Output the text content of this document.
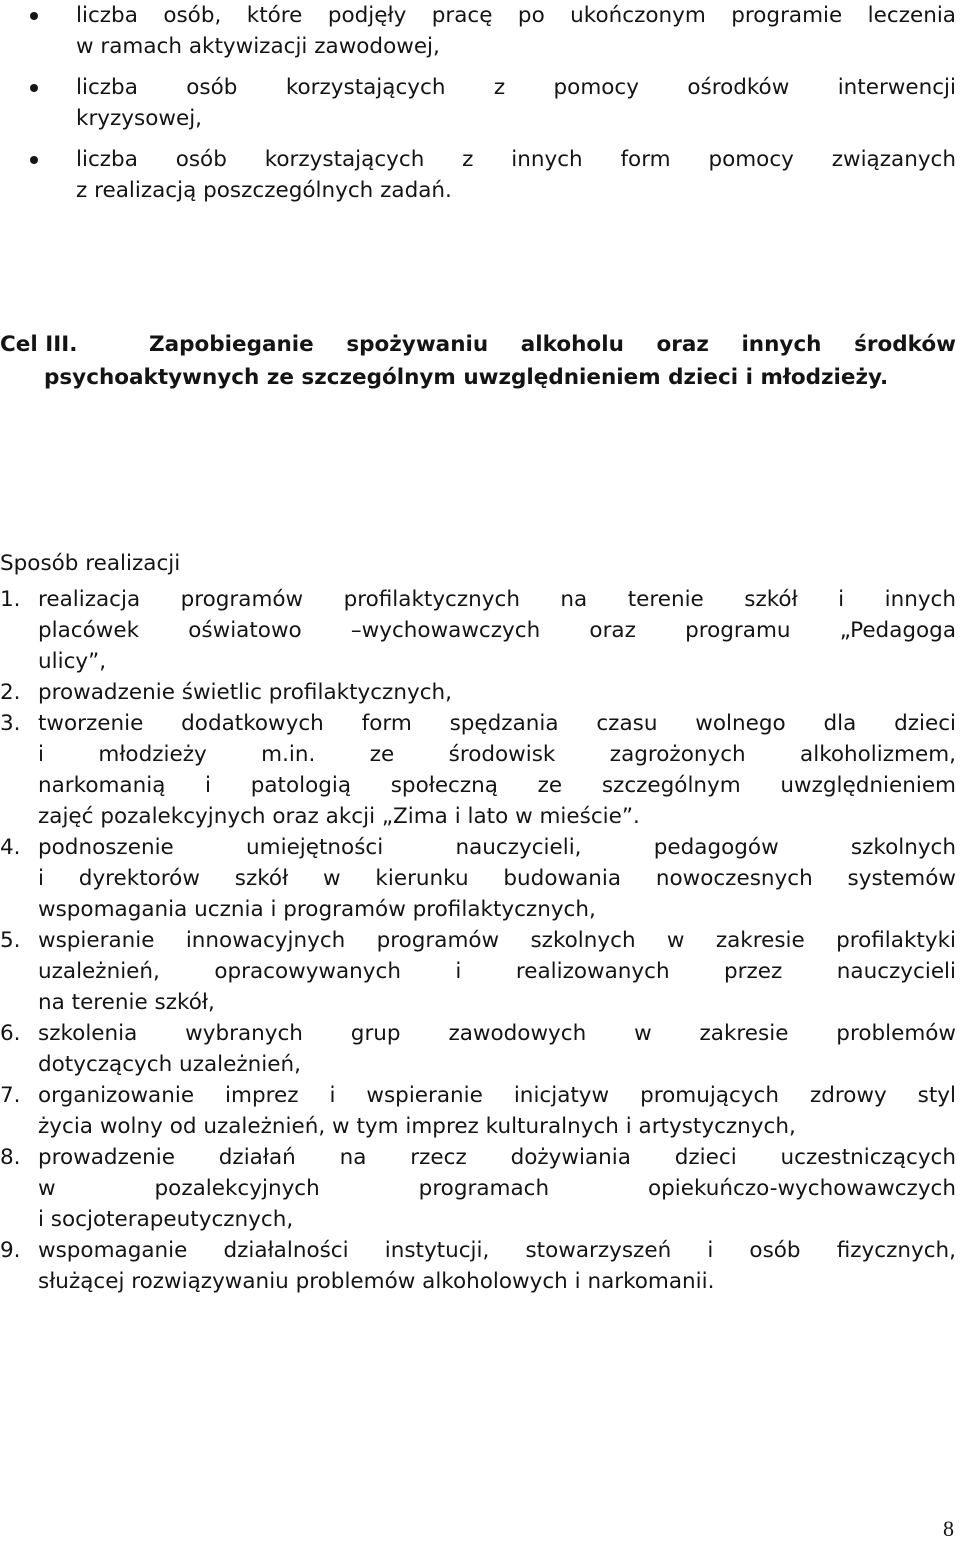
liczba osób, które podjęły pracę po ukończonym programie leczenia
w ramach aktywizacji zawodowej,
liczba osób korzystających z pomocy ośrodków interwencji
kryzysowej,
liczba osób korzystających z innych form pomocy związanych
z realizacją poszczególnych zadań.
Cel III.	Zapobieganie spożywaniu alkoholu oraz innych środków psychoaktywnych ze szczególnym uwzględnieniem dzieci i młodzieży.
Sposób realizacji
1. realizacja programów profilaktycznych na terenie szkół i innych

placówek oświatowo –wychowawczych oraz programu „Pedagoga

ulicy”,

2. prowadzenie świetlic profilaktycznych,

3. tworzenie dodatkowych form spędzania czasu wolnego dla dzieci

i młodzieży m.in. ze środowisk zagrożonych alkoholizmem,

narkomanią i patologią społeczną ze szczególnym uwzględnieniem

zajęć pozalekcyjnych oraz akcji „Zima i lato w mieście”.

4. podnoszenie umiejętności nauczycieli, pedagogów szkolnych

i dyrektorów szkół w kierunku budowania nowoczesnych systemów

wspomagania ucznia i programów profilaktycznych,

5. wspieranie innowacyjnych programów szkolnych w zakresie profilaktyki

uzależnień, opracowywanych i realizowanych przez nauczycieli

na terenie szkół,

6. szkolenia wybranych grup zawodowych w zakresie problemów

dotyczących uzależnień,

7. organizowanie imprez i wspieranie inicjatyw promujących zdrowy styl

życia wolny od uzależnień, w tym imprez kulturalnych i artystycznych,

8. prowadzenie działań na rzecz dożywiania dzieci uczestniczących

w pozalekcyjnych programach opiekuńczo-wychowawczych

i socjoterapeutycznych,

9. wspomaganie działalności instytucji, stowarzyszeń i osób fizycznych,

służącej rozwiązywaniu problemów alkoholowych i narkomanii.

8
